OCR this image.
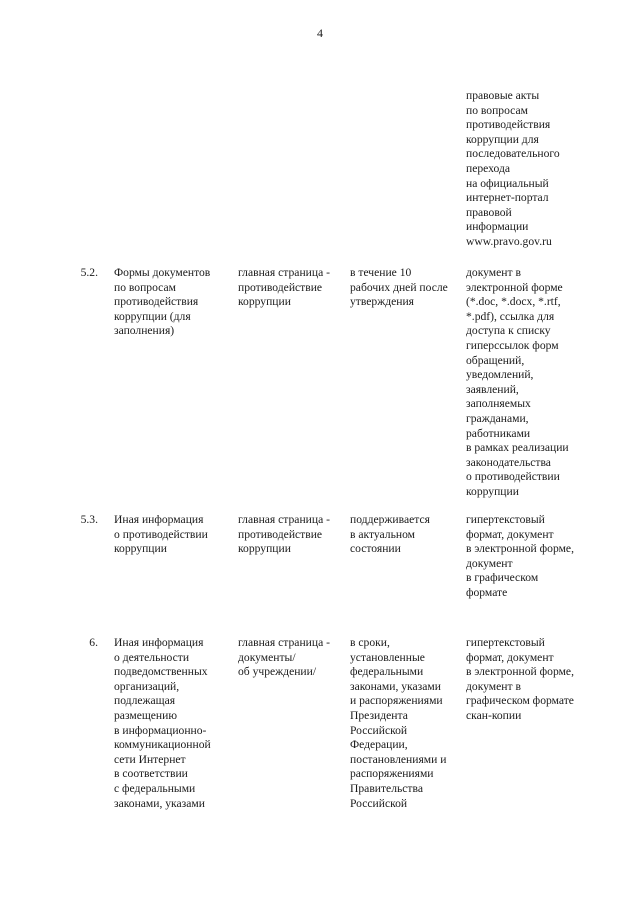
4
правовые акты
по вопросам
противодействия
коррупции для
последовательного
перехода
на официальный
интернет-портал
правовой
информации
www.pravo.gov.ru
5.2. Формы документов
по вопросам
противодействия
коррупции (для
заполнения)
главная страница -
противодействие
коррупции
в течение 10
рабочих дней после
утверждения
документ в
электронной форме
(*.doc, *.docx, *.rtf,
*.pdf), ссылка для
доступа к списку
гиперссылок форм
обращений,
уведомлений,
заявлений,
заполняемых
гражданами,
работниками
в рамках реализации
законодательства
о противодействии
коррупции
5.3. Иная информация
о противодействии
коррупции
главная страница -
противодействие
коррупции
поддерживается
в актуальном
состоянии
гипертекстовый
формат, документ
в электронной форме,
документ
в графическом
формате
6. Иная информация
о деятельности
подведомственных
организаций,
подлежащая
размещению
в информационно-
коммуникационной
сети Интернет
в соответствии
с федеральными
законами, указами
главная страница -
документы/
об учреждении/
в сроки,
установленные
федеральными
законами, указами
и распоряжениями
Президента
Российской
Федерации,
постановлениями и
распоряжениями
Правительства
Российской
гипертекстовый
формат, документ
в электронной форме,
документ в
графическом формате
скан-копии
